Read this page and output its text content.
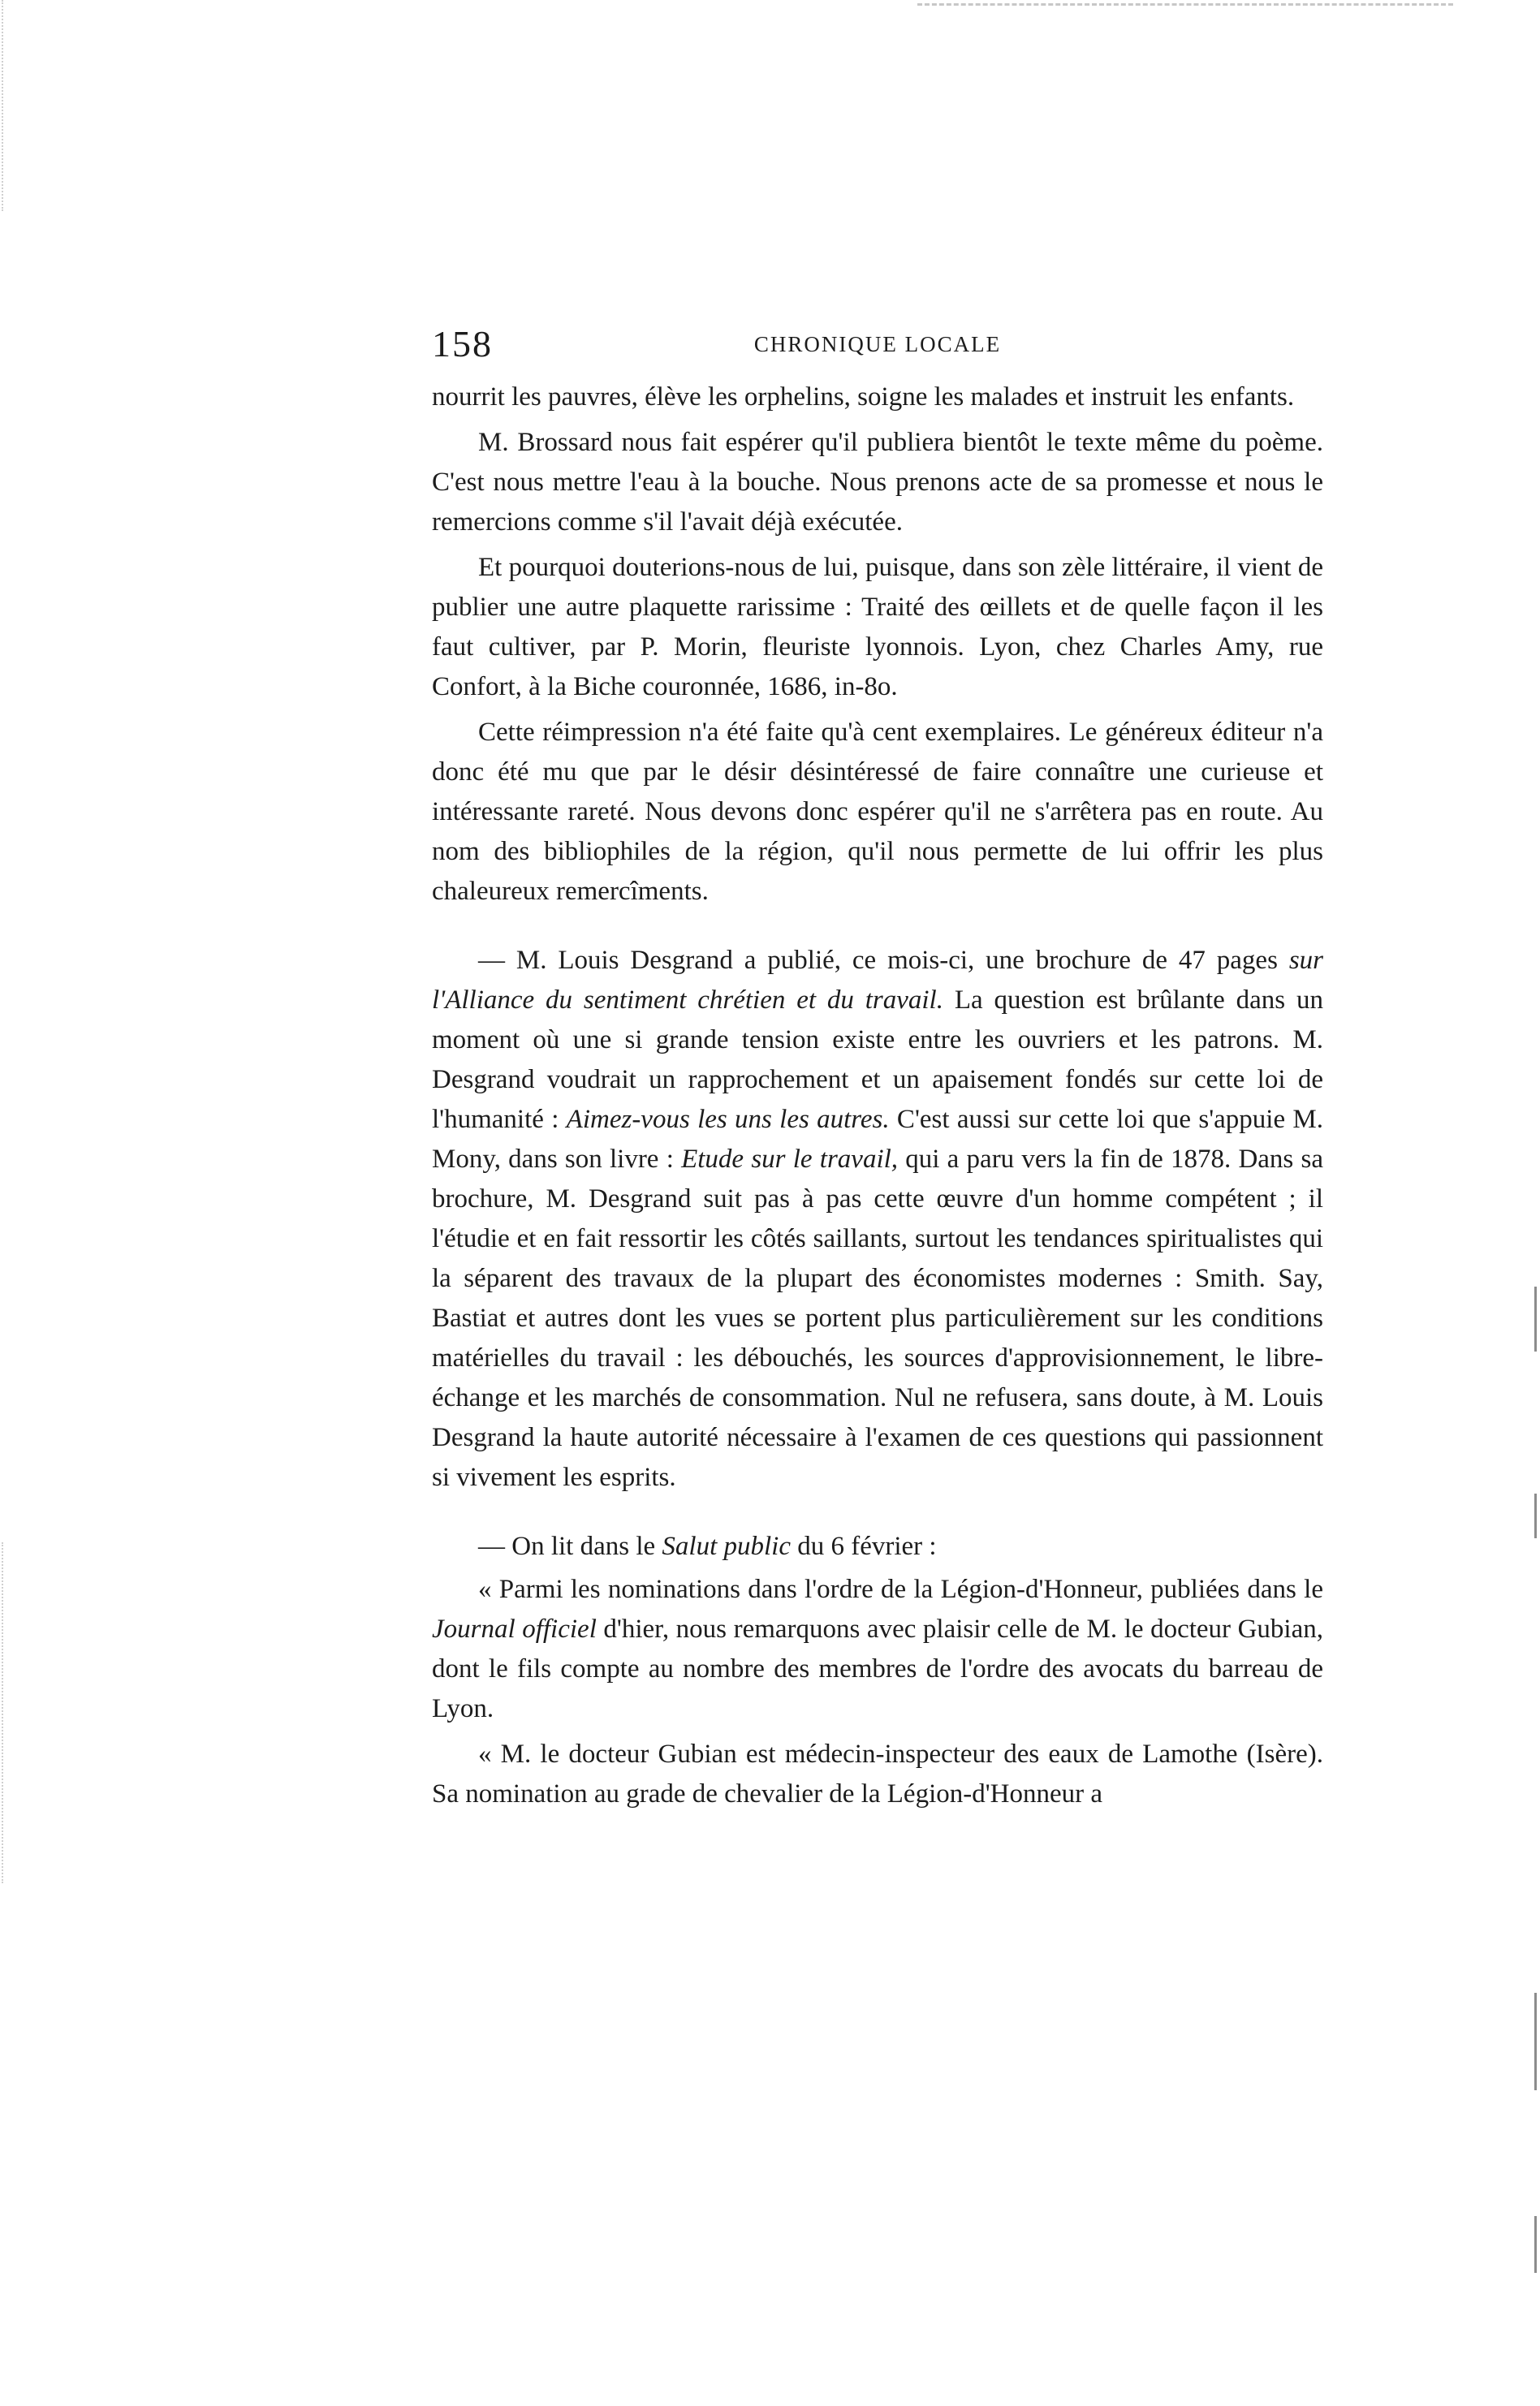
158	CHRONIQUE LOCALE

nourrit les pauvres, élève les orphelins, soigne les malades et instruit les enfants.

M. Brossard nous fait espérer qu'il publiera bientôt le texte même du poème. C'est nous mettre l'eau à la bouche. Nous prenons acte de sa promesse et nous le remercions comme s'il l'avait déjà exécutée.

Et pourquoi douterions-nous de lui, puisque, dans son zèle littéraire, il vient de publier une autre plaquette rarissime : Traité des œillets et de quelle façon il les faut cultiver, par P. Morin, fleuriste lyonnois. Lyon, chez Charles Amy, rue Confort, à la Biche couronnée, 1686, in-8o.

Cette réimpression n'a été faite qu'à cent exemplaires. Le généreux éditeur n'a donc été mu que par le désir désintéressé de faire connaître une curieuse et intéressante rareté. Nous devons donc espérer qu'il ne s'arrêtera pas en route. Au nom des bibliophiles de la région, qu'il nous permette de lui offrir les plus chaleureux remercîments.

— M. Louis Desgrand a publié, ce mois-ci, une brochure de 47 pages sur l'Alliance du sentiment chrétien et du travail. La question est brûlante dans un moment où une si grande tension existe entre les ouvriers et les patrons. M. Desgrand voudrait un rapprochement et un apaisement fondés sur cette loi de l'humanité : Aimez-vous les uns les autres. C'est aussi sur cette loi que s'appuie M. Mony, dans son livre : Etude sur le travail, qui a paru vers la fin de 1878. Dans sa brochure, M. Desgrand suit pas à pas cette œuvre d'un homme compétent ; il l'étudie et en fait ressortir les côtés saillants, surtout les tendances spiritualistes qui la séparent des travaux de la plupart des économistes modernes : Smith. Say, Bastiat et autres dont les vues se portent plus particulièrement sur les conditions matérielles du travail : les débouchés, les sources d'approvisionnement, le libre-échange et les marchés de consommation. Nul ne refusera, sans doute, à M. Louis Desgrand la haute autorité nécessaire à l'examen de ces questions qui passionnent si vivement les esprits.

— On lit dans le Salut public du 6 février :

« Parmi les nominations dans l'ordre de la Légion-d'Honneur, publiées dans le Journal officiel d'hier, nous remarquons avec plaisir celle de M. le docteur Gubian, dont le fils compte au nombre des membres de l'ordre des avocats du barreau de Lyon.

« M. le docteur Gubian est médecin-inspecteur des eaux de Lamothe (Isère). Sa nomination au grade de chevalier de la Légion-d'Honneur a
